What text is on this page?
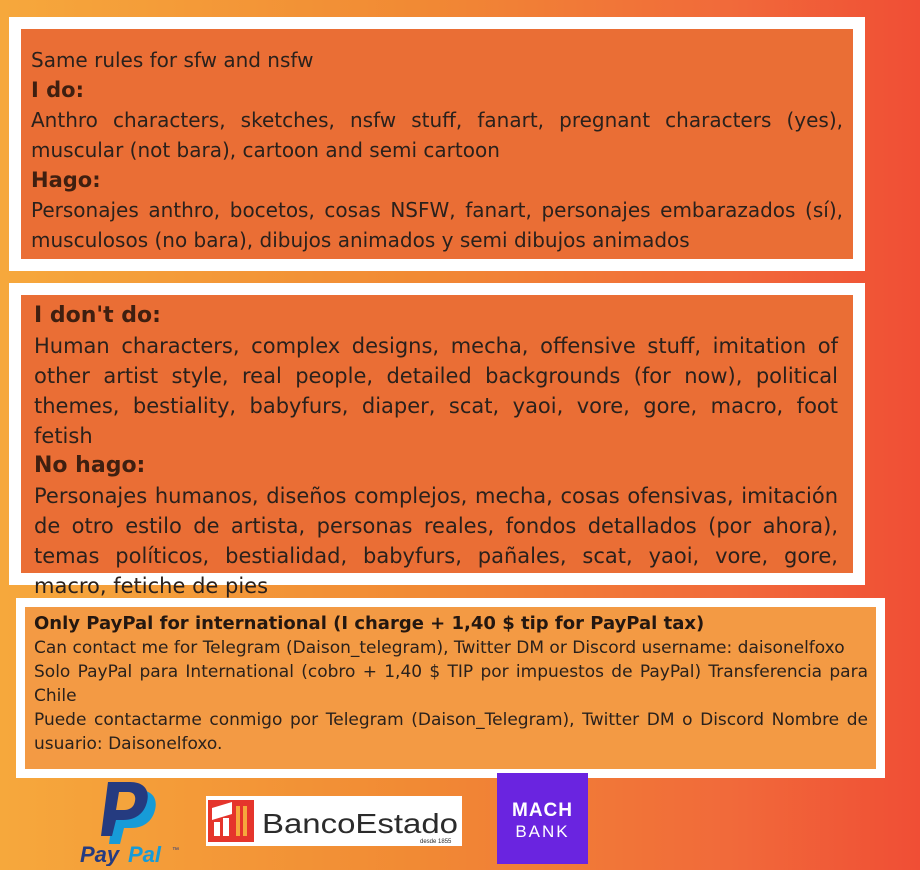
Same rules for sfw and nsfw

I do:

Anthro characters, sketches, nsfw stuff, fanart, pregnant characters (yes), muscular (not bara), cartoon and semi cartoon

Hago:

Personajes anthro, bocetos, cosas NSFW, fanart, personajes embarazados (sí), musculosos (no bara), dibujos animados y semi dibujos animados

I don't do:

Human characters, complex designs, mecha, offensive stuff, imitation of other artist style, real people, detailed backgrounds (for now), political themes, bestiality, babyfurs, diaper, scat, yaoi, vore, gore, macro, foot fetish

No hago:

Personajes humanos, diseños complejos, mecha, cosas ofensivas, imitación de otro estilo de artista, personas reales, fondos detallados (por ahora), temas políticos, bestialidad, babyfurs, pañales, scat, yaoi, vore, gore, macro, fetiche de pies

Only PayPal for international (I charge + 1,40 $ tip for PayPal tax)

Can contact me for Telegram (Daison_telegram), Twitter DM or Discord username: daisonelfoxo

Solo PayPal para International (cobro + 1,40 $ TIP por impuestos de PayPal) Transferencia para Chile

Puede contactarme conmigo por Telegram (Daison_Telegram), Twitter DM o Discord Nombre de usuario: Daisonelfoxo.

Pay Pal ™
BancoEstado
desde 1855
MACH
BANK
